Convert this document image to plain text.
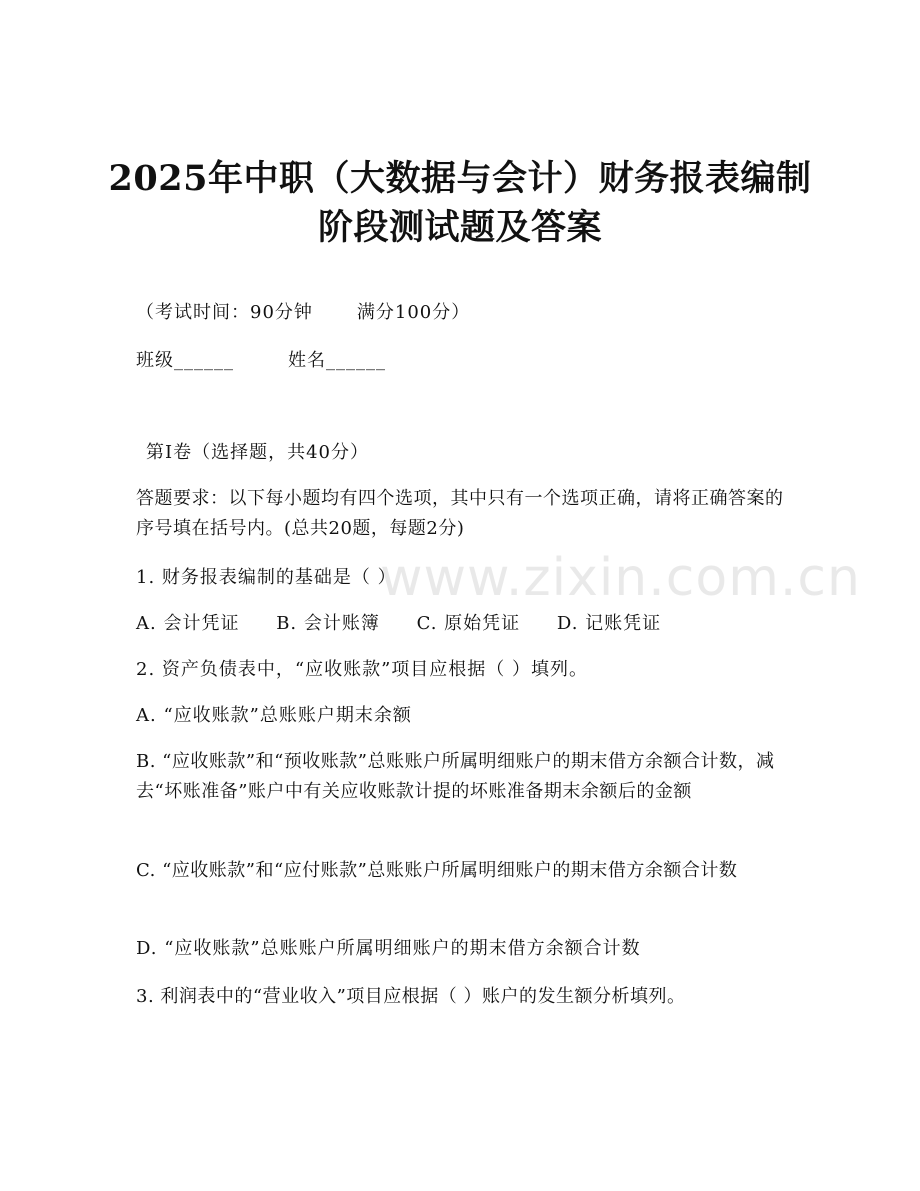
2025年中职（大数据与会计）财务报表编制
阶段测试题及答案
（考试时间：90分钟 满分100分）
班级______	姓名______
第I卷（选择题，共40分）
答题要求：以下每小题均有四个选项，其中只有一个选项正确，请将正确答案的序号填在括号内。(总共20题，每题2分)
1. 财务报表编制的基础是（ ）
A. 会计凭证 B. 会计账簿 C. 原始凭证 D. 记账凭证
2. 资产负债表中，“应收账款”项目应根据（ ）填列。
A. “应收账款”总账账户期末余额
B. “应收账款”和“预收账款”总账账户所属明细账户的期末借方余额合计数，减去“坏账准备”账户中有关应收账款计提的坏账准备期末余额后的金额
C. “应收账款”和“应付账款”总账账户所属明细账户的期末借方余额合计数
D. “应收账款”总账账户所属明细账户的期末借方余额合计数
3. 利润表中的“营业收入”项目应根据（ ）账户的发生额分析填列。
www.zixin.com.cn
